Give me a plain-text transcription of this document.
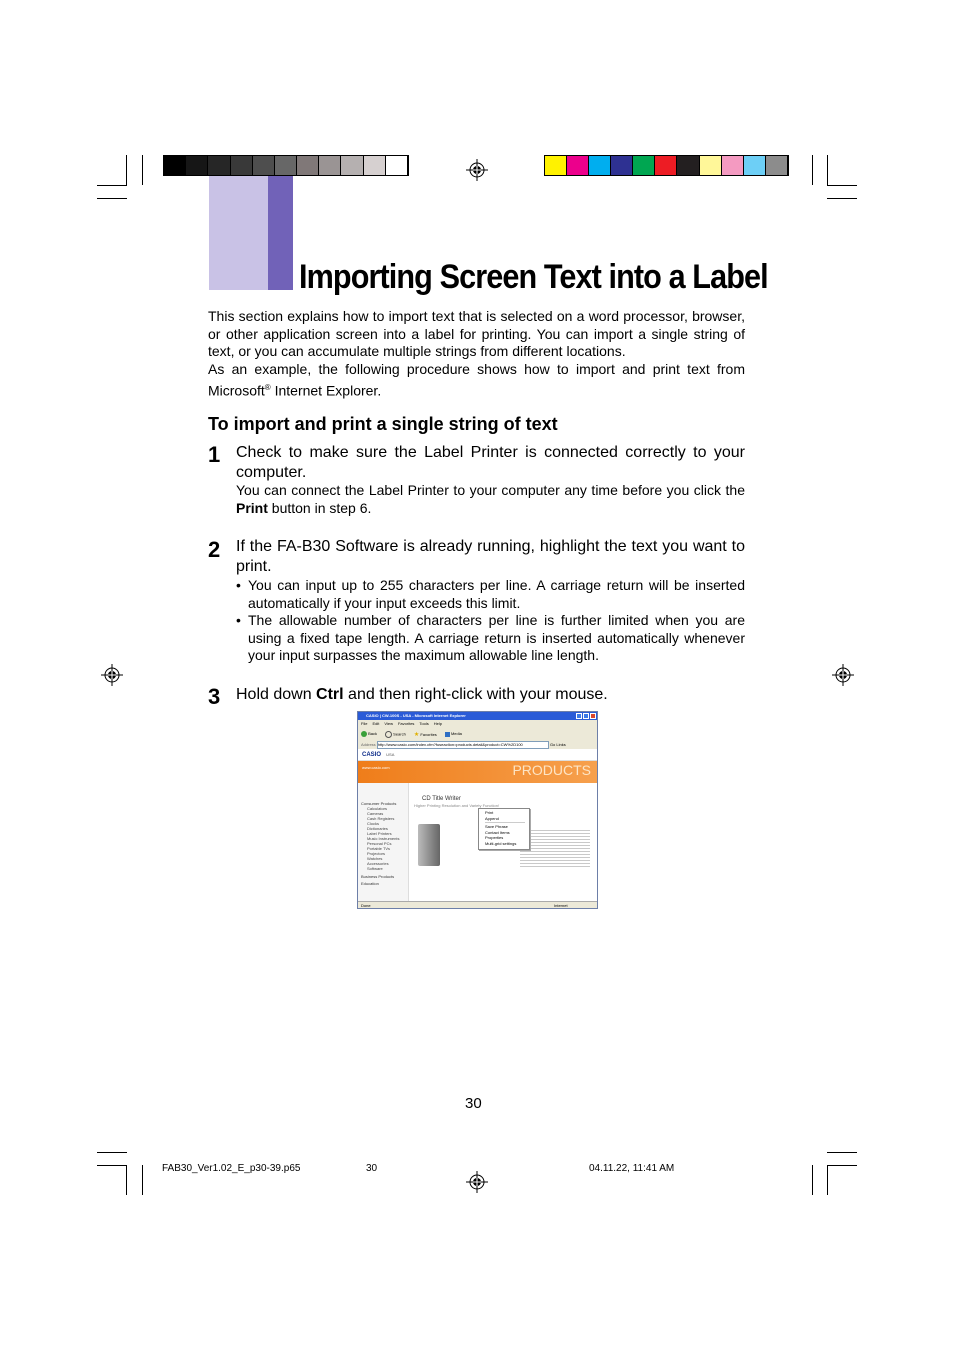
Importing Screen Text into a Label
This section explains how to import text that is selected on a word processor, browser, or other application screen into a label for printing. You can import a single string of text, or you can accumulate multiple strings from different locations.
As an example, the following procedure shows how to import and print text from Microsoft® Internet Explorer.
To import and print a single string of text
1 Check to make sure the Label Printer is connected correctly to your computer.
You can connect the Label Printer to your computer any time before you click the Print button in step 6.
2 If the FA-B30 Software is already running, highlight the text you want to print.
• You can input up to 255 characters per line. A carriage return will be inserted automatically if your input exceeds this limit.
• The allowable number of characters per line is further limited when you are using a fixed tape length. A carriage return is inserted automatically whenever your input surpasses the maximum allowable line length.
3 Hold down Ctrl and then right-click with your mouse.
CASIO | CW-100S - USA - Microsoft Internet Explorer
File Edit View Favorites Tools Help
Back	Search ★ Favorites	Media
Address http://www.casio.com/index.cfm?fuseaction=products.detail&product=CW%2D100	Go Links
CASIO USA
www.casio.com	PRODUCTS
Consumer Products
Calculators
Cameras
Cash Registers
Clocks
Dictionaries
Label Printers
Music Instruments
Personal PCs
Portable TVs
Projectors
Watches
Accessories
Software
Business Products
Education
CD Title Writer
Higher Printing Resolution and Variety Function!
Print
Append
Save Phrase
Contact Items
Properties
Multi-grid settings
Done	Internet
30
FAB30_Ver1.02_E_p30-39.p65	30	04.11.22, 11:41 AM
